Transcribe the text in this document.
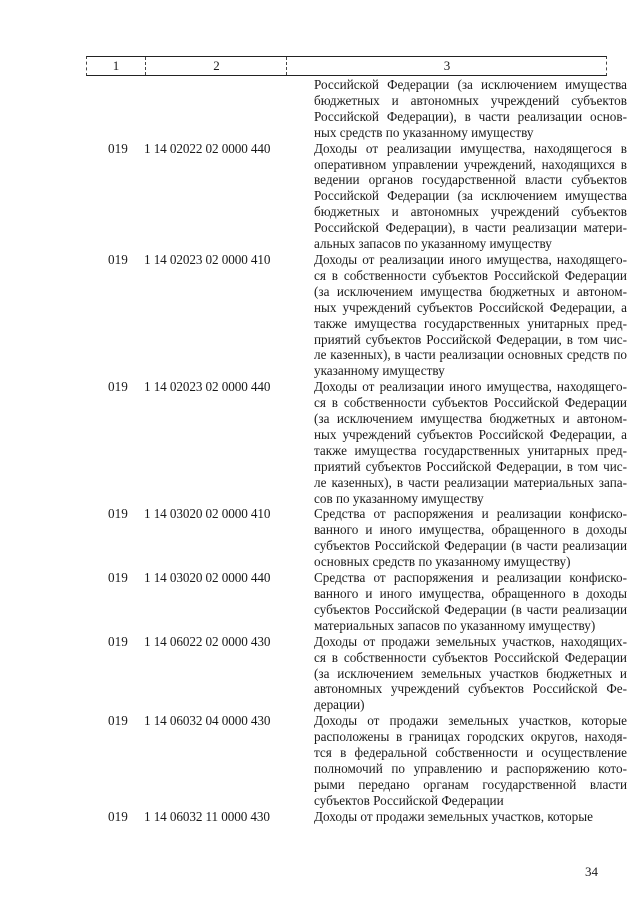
1	2	3
Российской Федерации (за исключением имущества
бюджетных и автономных учреждений субъектов
Российской Федерации), в части реализации основ-
ных средств по указанному имуществу
019	1 14 02022 02 0000 440	Доходы от реализации имущества, находящегося в
оперативном управлении учреждений, находящихся в
ведении органов государственной власти субъектов
Российской Федерации (за исключением имущества
бюджетных и автономных учреждений субъектов
Российской Федерации), в части реализации матери-
альных запасов по указанному имуществу
019	1 14 02023 02 0000 410	Доходы от реализации иного имущества, находящего-
ся в собственности субъектов Российской Федерации
(за исключением имущества бюджетных и автоном-
ных учреждений субъектов Российской Федерации, а
также имущества государственных унитарных пред-
приятий субъектов Российской Федерации, в том чис-
ле казенных), в части реализации основных средств по
указанному имуществу
019	1 14 02023 02 0000 440	Доходы от реализации иного имущества, находящего-
ся в собственности субъектов Российской Федерации
(за исключением имущества бюджетных и автоном-
ных учреждений субъектов Российской Федерации, а
также имущества государственных унитарных пред-
приятий субъектов Российской Федерации, в том чис-
ле казенных), в части реализации материальных запа-
сов по указанному имуществу
019	1 14 03020 02 0000 410	Средства от распоряжения и реализации конфиско-
ванного и иного имущества, обращенного в доходы
субъектов Российской Федерации (в части реализации
основных средств по указанному имуществу)
019	1 14 03020 02 0000 440	Средства от распоряжения и реализации конфиско-
ванного и иного имущества, обращенного в доходы
субъектов Российской Федерации (в части реализации
материальных запасов по указанному имуществу)
019	1 14 06022 02 0000 430	Доходы от продажи земельных участков, находящих-
ся в собственности субъектов Российской Федерации
(за исключением земельных участков бюджетных и
автономных учреждений субъектов Российской Фе-
дерации)
019	1 14 06032 04 0000 430	Доходы от продажи земельных участков, которые
расположены в границах городских округов, находя-
тся в федеральной собственности и осуществление
полномочий по управлению и распоряжению кото-
рыми передано органам государственной власти
субъектов Российской Федерации
019	1 14 06032 11 0000 430	Доходы от продажи земельных участков, которые
34
